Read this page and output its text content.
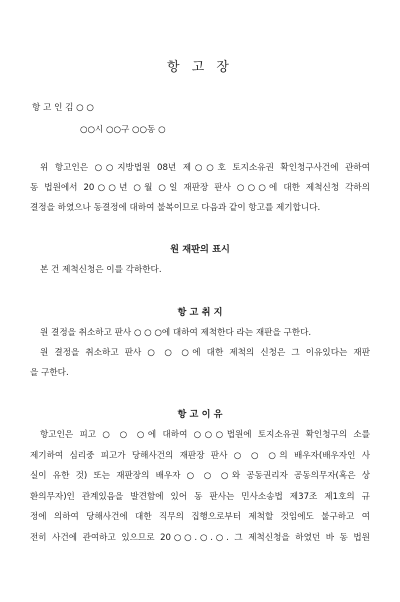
항 고 장
항 고 인 김 ○ ○
○○시 ○○구 ○○동 ○
위 항고인은 ○○지방법원 08년 제○○호 토지소유권 확인청구사건에 관하여
동 법원에서 20○○년 ○월 ○일 재판장 판사 ○○○에 대한 제척신청 각하의
결정을 하였으나 동결정에 대하여 불복이므로 다음과 같이 항고를 제기합니다.
원 재판의 표시
본 건 제척신청은 이를 각하한다.
항 고 취 지
원 결정을 취소하고 판사 ○ ○ ○에 대하여 제척한다 라는 재판을 구한다.
원 결정을 취소하고 판사 ○ ○ ○에 대한 제척의 신청은 그 이유있다는 재판
을 구한다.
항 고 이 유
항고인은 피고 ○ ○ ○에 대하여 ○○○법원에 토지소유권 확인청구의 소를
제기하여 심리중 피고가 당해사건의 재판장 판사 ○ ○ ○의 배우자(배우자인 사
실이 유한 것) 또는 재판장의 배우자 ○ ○ ○와 공동권리자 공동의무자(혹은 상
환의무자)인 관계있음을 발견함에 있어 동 판사는 민사소송법 제37조 제1호의 규
정에 의하여 당해사건에 대한 직무의 집행으로부터 제척할 것임에도 불구하고 여
전히 사건에 관여하고 있으므로 20○○.○.○. 그 제척신청을 하였던 바 동 법원
